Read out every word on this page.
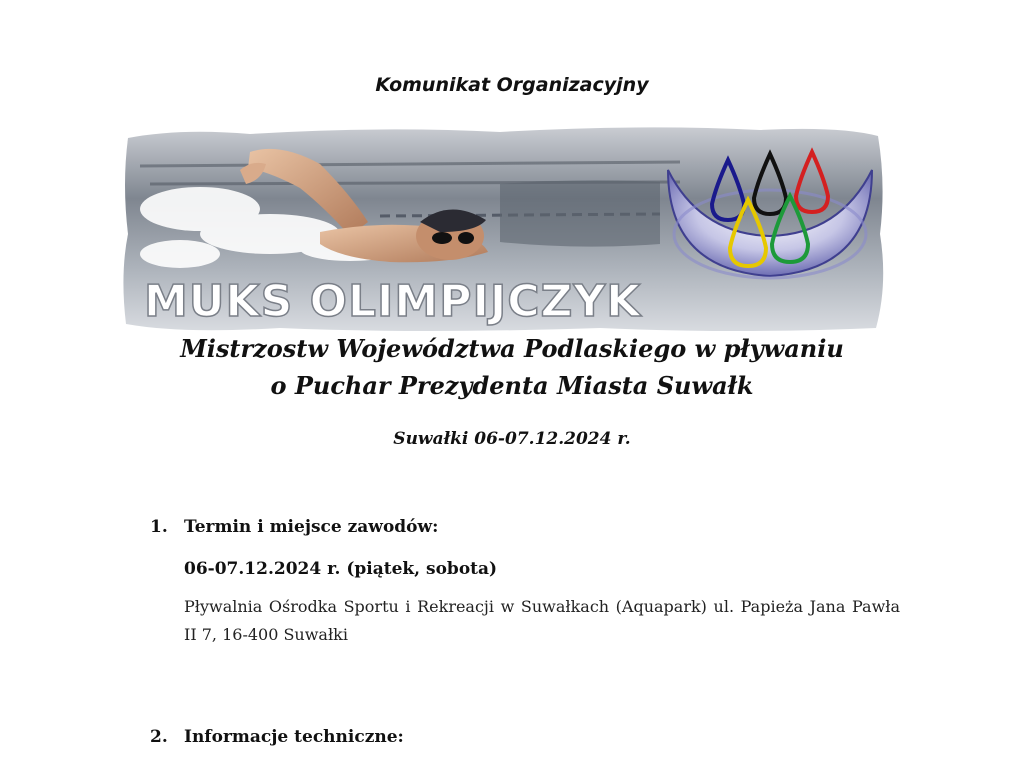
Komunikat Organizacyjny
MUKS OLIMPIJCZYK
Mistrzostw Województwa Podlaskiego w pływaniu
o Puchar Prezydenta Miasta Suwałk
Suwałki 06-07.12.2024 r.
1. Termin i miejsce zawodów:
06-07.12.2024 r. (piątek, sobota)
Pływalnia Ośrodka Sportu i Rekreacji w Suwałkach (Aquapark) ul. Papieża Jana Pawła II 7, 16-400 Suwałki
2. Informacje techniczne:
